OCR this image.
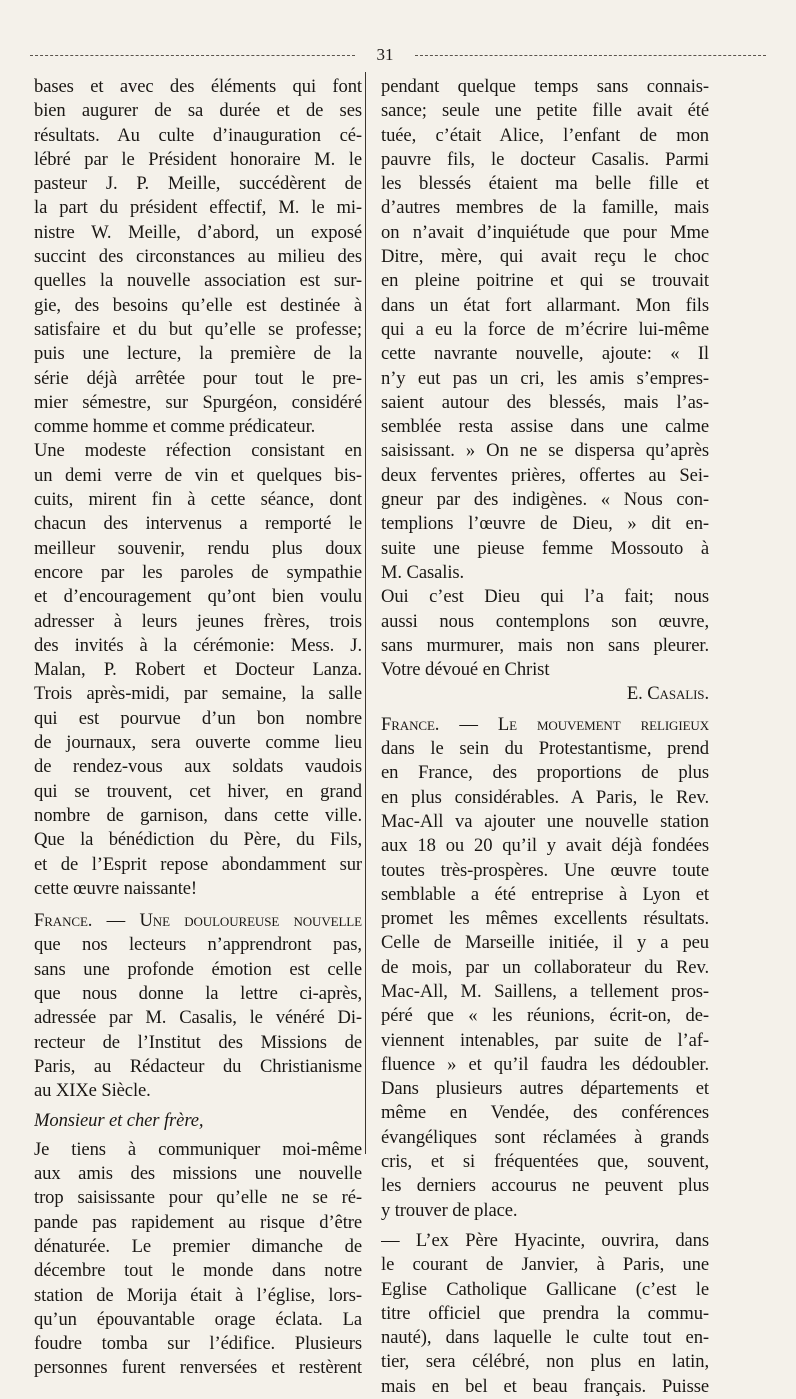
31
bases et avec des éléments qui font
bien augurer de sa durée et de ses
résultats. Au culte d’inauguration cé-
lébré par le Président honoraire M. le
pasteur J. P. Meille, succédèrent de
la part du président effectif, M. le mi-
nistre W. Meille, d’abord, un exposé
succint des circonstances au milieu des
quelles la nouvelle association est sur-
gie, des besoins qu’elle est destinée à
satisfaire et du but qu’elle se professe;
puis une lecture, la première de la
série déjà arrêtée pour tout le pre-
mier sémestre, sur Spurgéon, considéré
comme homme et comme prédicateur.
Une modeste réfection consistant en
un demi verre de vin et quelques bis-
cuits, mirent fin à cette séance, dont
chacun des intervenus a remporté le
meilleur souvenir, rendu plus doux
encore par les paroles de sympathie
et d’encouragement qu’ont bien voulu
adresser à leurs jeunes frères, trois
des invités à la cérémonie: Mess. J.
Malan, P. Robert et Docteur Lanza.
Trois après-midi, par semaine, la salle
qui est pourvue d’un bon nombre
de journaux, sera ouverte comme lieu
de rendez-vous aux soldats vaudois
qui se trouvent, cet hiver, en grand
nombre de garnison, dans cette ville.
Que la bénédiction du Père, du Fils,
et de l’Esprit repose abondamment sur
cette œuvre naissante!
France. — Une douloureuse nouvelle
que nos lecteurs n’apprendront pas,
sans une profonde émotion est celle
que nous donne la lettre ci-après,
adressée par M. Casalis, le vénéré Di-
recteur de l’Institut des Missions de
Paris, au Rédacteur du Christianisme
au XIXe Siècle.
Monsieur et cher frère,
Je tiens à communiquer moi-même
aux amis des missions une nouvelle
trop saisissante pour qu’elle ne se ré-
pande pas rapidement au risque d’être
dénaturée. Le premier dimanche de
décembre tout le monde dans notre
station de Morija était à l’église, lors-
qu’un épouvantable orage éclata. La
foudre tomba sur l’édifice. Plusieurs
personnes furent renversées et restèrent
pendant quelque temps sans connais-
sance; seule une petite fille avait été
tuée, c’était Alice, l’enfant de mon
pauvre fils, le docteur Casalis. Parmi
les blessés étaient ma belle fille et
d’autres membres de la famille, mais
on n’avait d’inquiétude que pour Mme
Ditre, mère, qui avait reçu le choc
en pleine poitrine et qui se trouvait
dans un état fort allarmant. Mon fils
qui a eu la force de m’écrire lui-même
cette navrante nouvelle, ajoute: « Il
n’y eut pas un cri, les amis s’empres-
saient autour des blessés, mais l’as-
semblée resta assise dans une calme
saisissant. » On ne se dispersa qu’après
deux ferventes prières, offertes au Sei-
gneur par des indigènes. « Nous con-
templions l’œuvre de Dieu, » dit en-
suite une pieuse femme Mossouto à
M. Casalis.
Oui c’est Dieu qui l’a fait; nous
aussi nous contemplons son œuvre,
sans murmurer, mais non sans pleurer.
Votre dévoué en Christ
E. Casalis.
France. — Le mouvement religieux
dans le sein du Protestantisme, prend
en France, des proportions de plus
en plus considérables. A Paris, le Rev.
Mac-All va ajouter une nouvelle station
aux 18 ou 20 qu’il y avait déjà fondées
toutes très-prospères. Une œuvre toute
semblable a été entreprise à Lyon et
promet les mêmes excellents résultats.
Celle de Marseille initiée, il y a peu
de mois, par un collaborateur du Rev.
Mac-All, M. Saillens, a tellement pros-
péré que « les réunions, écrit-on, de-
viennent intenables, par suite de l’af-
fluence » et qu’il faudra les dédoubler.
Dans plusieurs autres départements et
même en Vendée, des conférences
évangéliques sont réclamées à grands
cris, et si fréquentées que, souvent,
les derniers accourus ne peuvent plus
y trouver de place.
— L’ex Père Hyacinte, ouvrira, dans
le courant de Janvier, à Paris, une
Eglise Catholique Gallicane (c’est le
titre officiel que prendra la commu-
nauté), dans laquelle le culte tout en-
tier, sera célébré, non plus en latin,
mais en bel et beau français. Puisse
